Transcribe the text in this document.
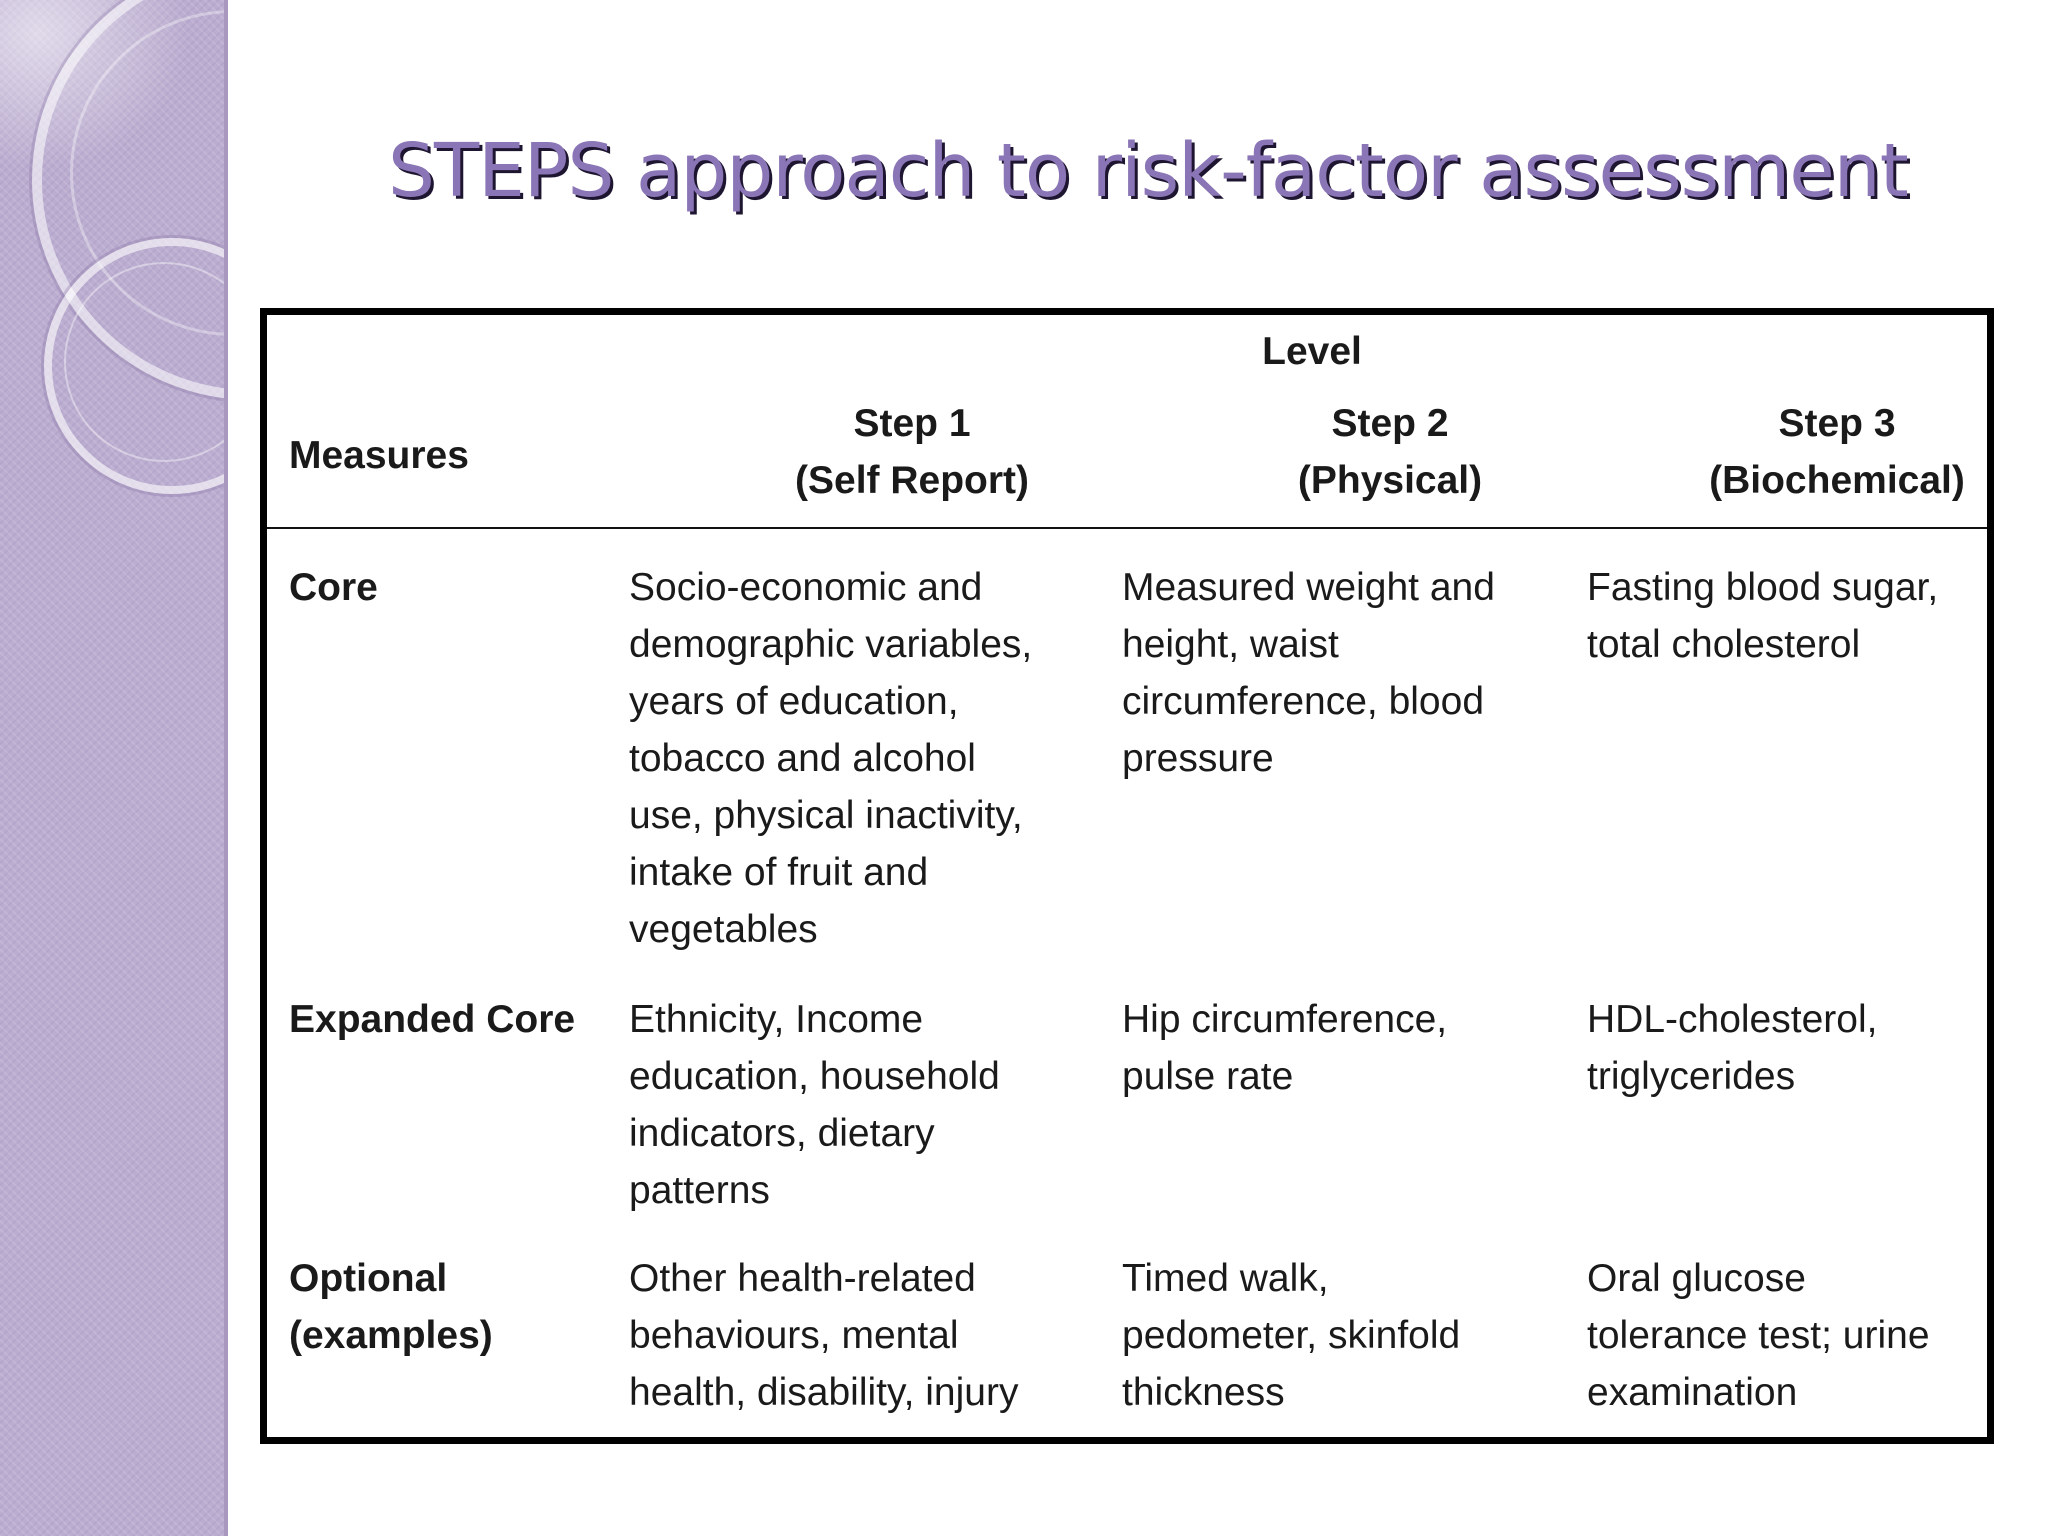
STEPS approach to risk-factor assessment
Level
Measures
Step 1
(Self Report)
Step 2
(Physical)
Step 3
(Biochemical)
Core	Socio-economic and
demographic variables,
years of education,
tobacco and alcohol
use, physical inactivity,
intake of fruit and
vegetables
Measured weight and
height, waist
circumference, blood
pressure
Fasting blood sugar,
total cholesterol
Expanded Core Ethnicity, Income
education, household
indicators, dietary
patterns
Hip circumference,
pulse rate
HDL-cholesterol,
triglycerides
Optional
(examples)
Other health-related
behaviours, mental
health, disability, injury
Timed walk,
pedometer, skinfold
thickness
Oral glucose
tolerance test; urine
examination
